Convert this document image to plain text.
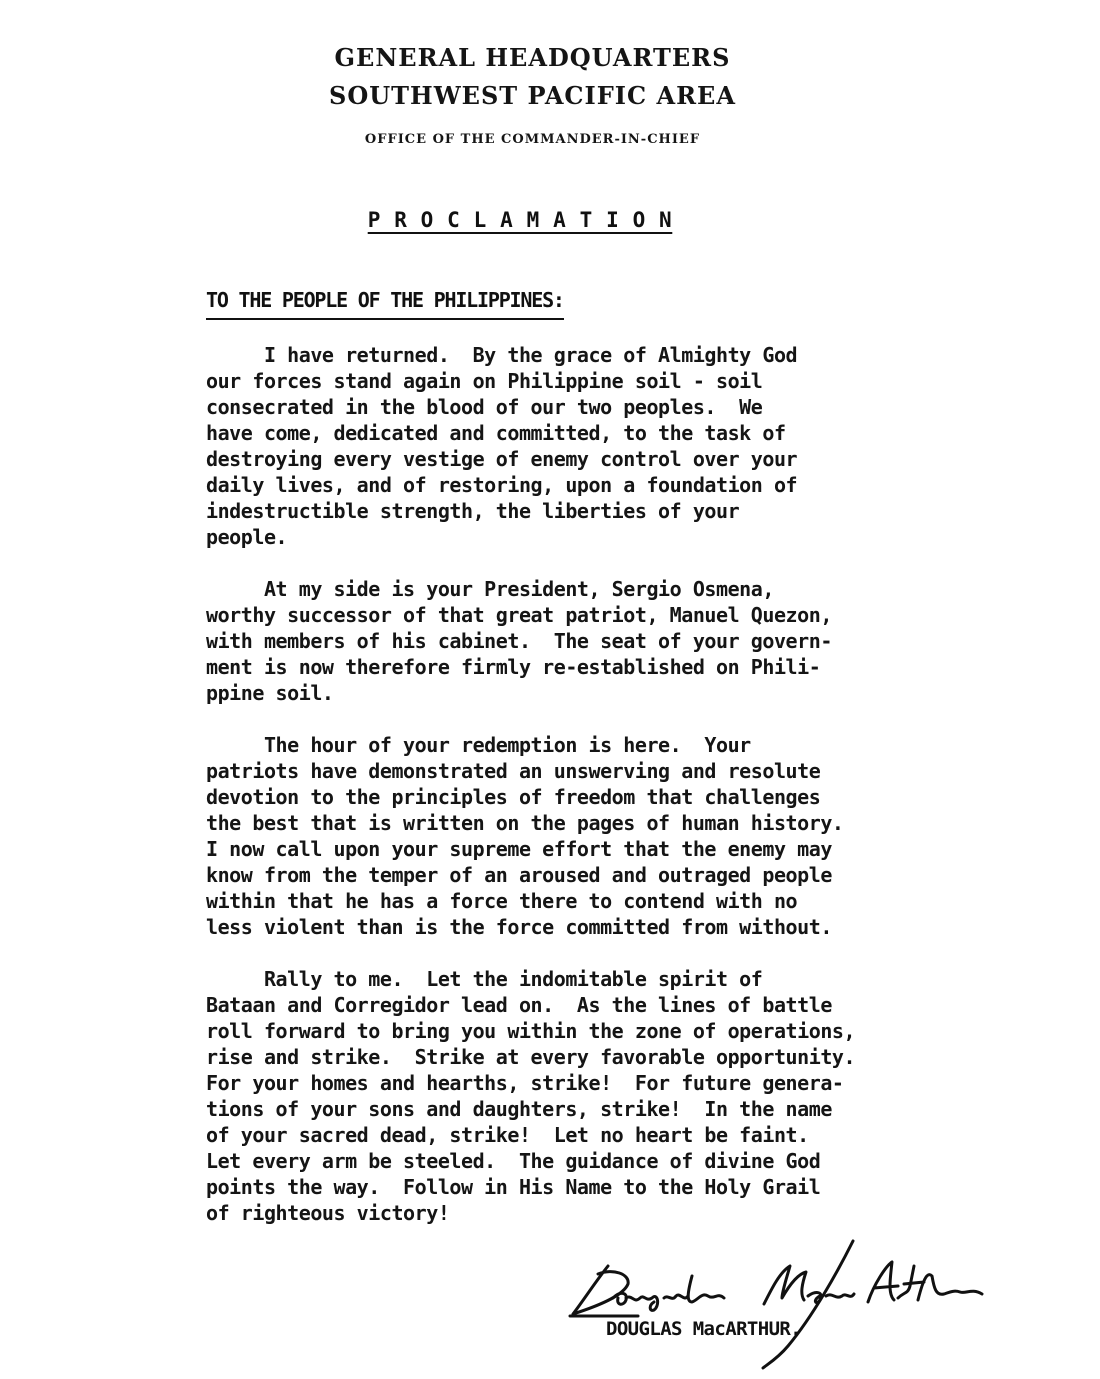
GENERAL HEADQUARTERS
SOUTHWEST PACIFIC AREA
OFFICE OF THE COMMANDER-IN-CHIEF
P R O C L A M A T I O N
TO THE PEOPLE OF THE PHILIPPINES:
I have returned.  By the grace of Almighty God
our forces stand again on Philippine soil - soil
consecrated in the blood of our two peoples.  We
have come, dedicated and committed, to the task of
destroying every vestige of enemy control over your
daily lives, and of restoring, upon a foundation of
indestructible strength, the liberties of your
people.
At my side is your President, Sergio Osmena,
worthy successor of that great patriot, Manuel Quezon,
with members of his cabinet.  The seat of your govern-
ment is now therefore firmly re-established on Phili-
ppine soil.
The hour of your redemption is here.  Your
patriots have demonstrated an unswerving and resolute
devotion to the principles of freedom that challenges
the best that is written on the pages of human history.
I now call upon your supreme effort that the enemy may
know from the temper of an aroused and outraged people
within that he has a force there to contend with no
less violent than is the force committed from without.
Rally to me.  Let the indomitable spirit of
Bataan and Corregidor lead on.  As the lines of battle
roll forward to bring you within the zone of operations,
rise and strike.  Strike at every favorable opportunity.
For your homes and hearths, strike!  For future genera-
tions of your sons and daughters, strike!  In the name
of your sacred dead, strike!  Let no heart be faint.
Let every arm be steeled.  The guidance of divine God
points the way.  Follow in His Name to the Holy Grail
of righteous victory!
DOUGLAS MacARTHUR.
